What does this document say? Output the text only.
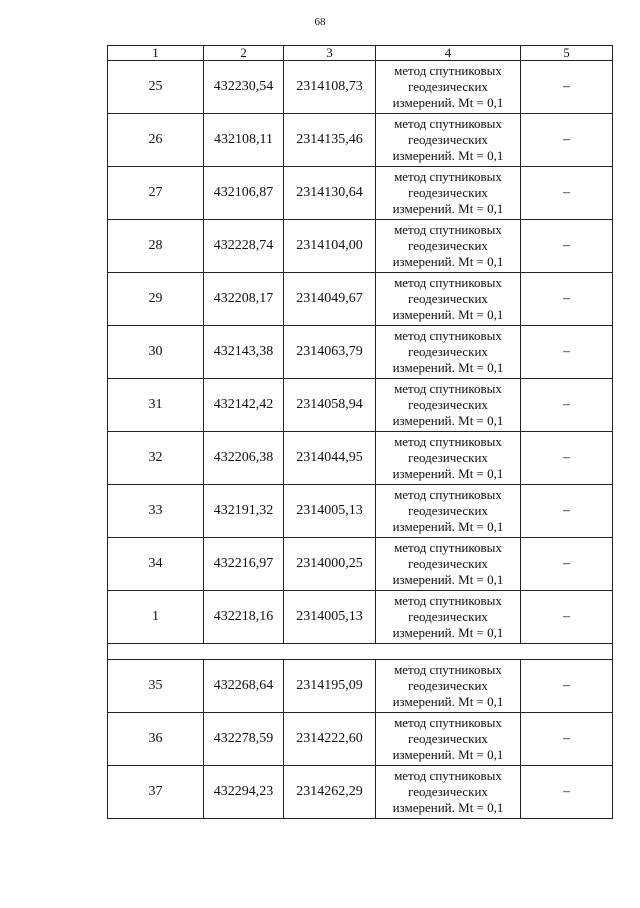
68
1	2	3	4	5
25	432230,54	2314108,73	метод спутниковых геодезических измерений. Mt = 0,1	–
26	432108,11	2314135,46	метод спутниковых геодезических измерений. Mt = 0,1	–
27	432106,87	2314130,64	метод спутниковых геодезических измерений. Mt = 0,1	–
28	432228,74	2314104,00	метод спутниковых геодезических измерений. Mt = 0,1	–
29	432208,17	2314049,67	метод спутниковых геодезических измерений. Mt = 0,1	–
30	432143,38	2314063,79	метод спутниковых геодезических измерений. Mt = 0,1	–
31	432142,42	2314058,94	метод спутниковых геодезических измерений. Mt = 0,1	–
32	432206,38	2314044,95	метод спутниковых геодезических измерений. Mt = 0,1	–
33	432191,32	2314005,13	метод спутниковых геодезических измерений. Mt = 0,1	–
34	432216,97	2314000,25	метод спутниковых геодезических измерений. Mt = 0,1	–
1	432218,16	2314005,13	метод спутниковых геодезических измерений. Mt = 0,1	–

35	432268,64	2314195,09	метод спутниковых геодезических измерений. Mt = 0,1	–
36	432278,59	2314222,60	метод спутниковых геодезических измерений. Mt = 0,1	–
37	432294,23	2314262,29	метод спутниковых геодезических измерений. Mt = 0,1	–
